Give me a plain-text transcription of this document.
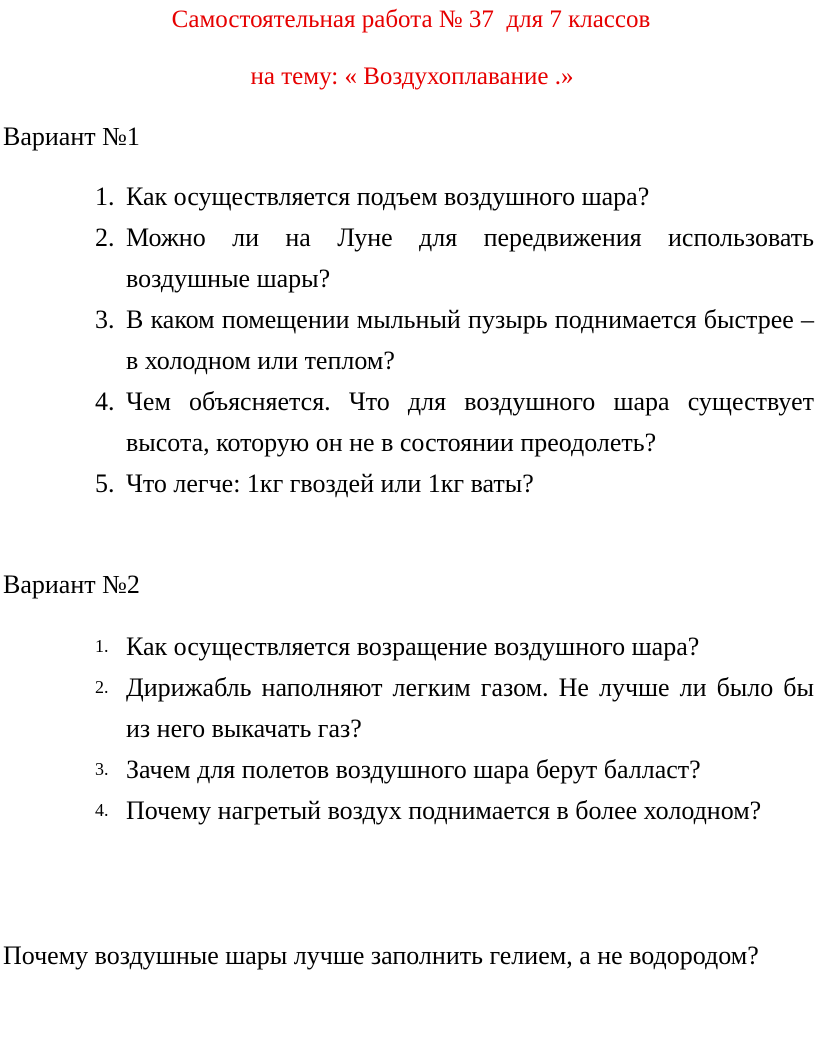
Самостоятельная работа № 37  для 7 классов
на тему: « Воздухоплавание .»
Вариант №1
1. Как осуществляется подъем воздушного шара?
2. Можно ли на Луне для передвижения использовать воздушные шары?
3. В каком помещении мыльный пузырь поднимается быстрее – в холодном или теплом?
4. Чем объясняется. Что для воздушного шара существует высота, которую он не в состоянии преодолеть?
5. Что легче: 1кг гвоздей или 1кг ваты?
Вариант №2
1. Как осуществляется возращение воздушного шара?
2. Дирижабль наполняют легким газом. Не лучше ли было бы из него выкачать газ?
3. Зачем для полетов воздушного шара берут балласт?
4. Почему нагретый воздух поднимается в более холодном?
Почему воздушные шары лучше заполнить гелием, а не водородом?
